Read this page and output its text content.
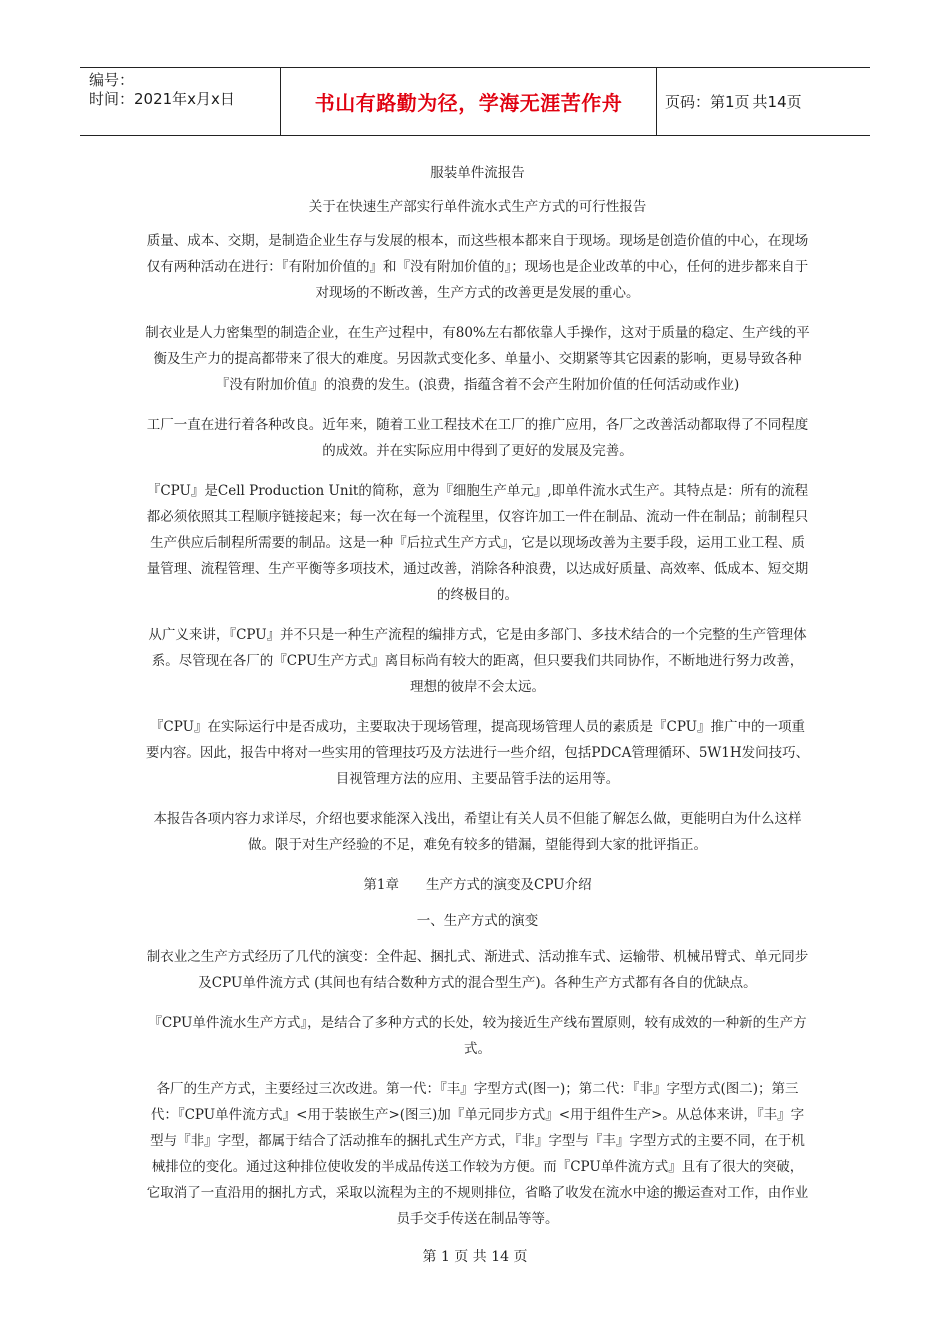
编号：
时间：2021年x月x日	书山有路勤为径，学海无涯苦作舟	页码：第1页 共14页

服装单件流报告

关于在快速生产部实行单件流水式生产方式的可行性报告

质量、成本、交期，是制造企业生存与发展的根本，而这些根本都来自于现场。现场是创造价值的中心，在现场仅有两种活动在进行：『有附加价值的』和『没有附加价值的』；现场也是企业改革的中心，任何的进步都来自于对现场的不断改善，生产方式的改善更是发展的重心。

制衣业是人力密集型的制造企业，在生产过程中，有80%左右都依靠人手操作，这对于质量的稳定、生产线的平衡及生产力的提高都带来了很大的难度。另因款式变化多、单量小、交期紧等其它因素的影响，更易导致各种『没有附加价值』的浪费的发生。(浪费，指蕴含着不会产生附加价值的任何活动或作业)

工厂一直在进行着各种改良。近年来，随着工业工程技术在工厂的推广应用，各厂之改善活动都取得了不同程度的成效。并在实际应用中得到了更好的发展及完善。

『CPU』是Cell Production Unit的简称，意为『细胞生产单元』,即单件流水式生产。其特点是：所有的流程都必须依照其工程顺序链接起来；每一次在每一个流程里，仅容许加工一件在制品、流动一件在制品；前制程只生产供应后制程所需要的制品。这是一种『后拉式生产方式』，它是以现场改善为主要手段，运用工业工程、质量管理、流程管理、生产平衡等多项技术，通过改善，消除各种浪费，以达成好质量、高效率、低成本、短交期的终极目的。

从广义来讲，『CPU』并不只是一种生产流程的编排方式，它是由多部门、多技术结合的一个完整的生产管理体系。尽管现在各厂的『CPU生产方式』离目标尚有较大的距离，但只要我们共同协作，不断地进行努力改善，理想的彼岸不会太远。

『CPU』在实际运行中是否成功，主要取决于现场管理，提高现场管理人员的素质是『CPU』推广中的一项重要内容。因此，报告中将对一些实用的管理技巧及方法进行一些介绍，包括PDCA管理循环、5W1H发问技巧、目视管理方法的应用、主要品管手法的运用等。

本报告各项内容力求详尽，介绍也要求能深入浅出，希望让有关人员不但能了解怎么做，更能明白为什么这样做。限于对生产经验的不足，难免有较多的错漏，望能得到大家的批评指正。

第1章　　生产方式的演变及CPU介绍

一、生产方式的演变

制衣业之生产方式经历了几代的演变：全件起、捆扎式、渐进式、活动推车式、运输带、机械吊臂式、单元同步及CPU单件流方式 (其间也有结合数种方式的混合型生产)。各种生产方式都有各自的优缺点。

『CPU单件流水生产方式』，是结合了多种方式的长处，较为接近生产线布置原则，较有成效的一种新的生产方式。

各厂的生产方式，主要经过三次改进。第一代：『丰』字型方式(图一)；第二代：『非』字型方式(图二)；第三代：『CPU单件流方式』<用于装嵌生产>(图三)加『单元同步方式』<用于组件生产>。从总体来讲，『丰』字型与『非』字型，都属于结合了活动推车的捆扎式生产方式，『非』字型与『丰』字型方式的主要不同，在于机械排位的变化。通过这种排位使收发的半成品传送工作较为方便。而『CPU单件流方式』且有了很大的突破，它取消了一直沿用的捆扎方式，采取以流程为主的不规则排位，省略了收发在流水中途的搬运查对工作，由作业员手交手传送在制品等等。

第 1 页 共 14 页
